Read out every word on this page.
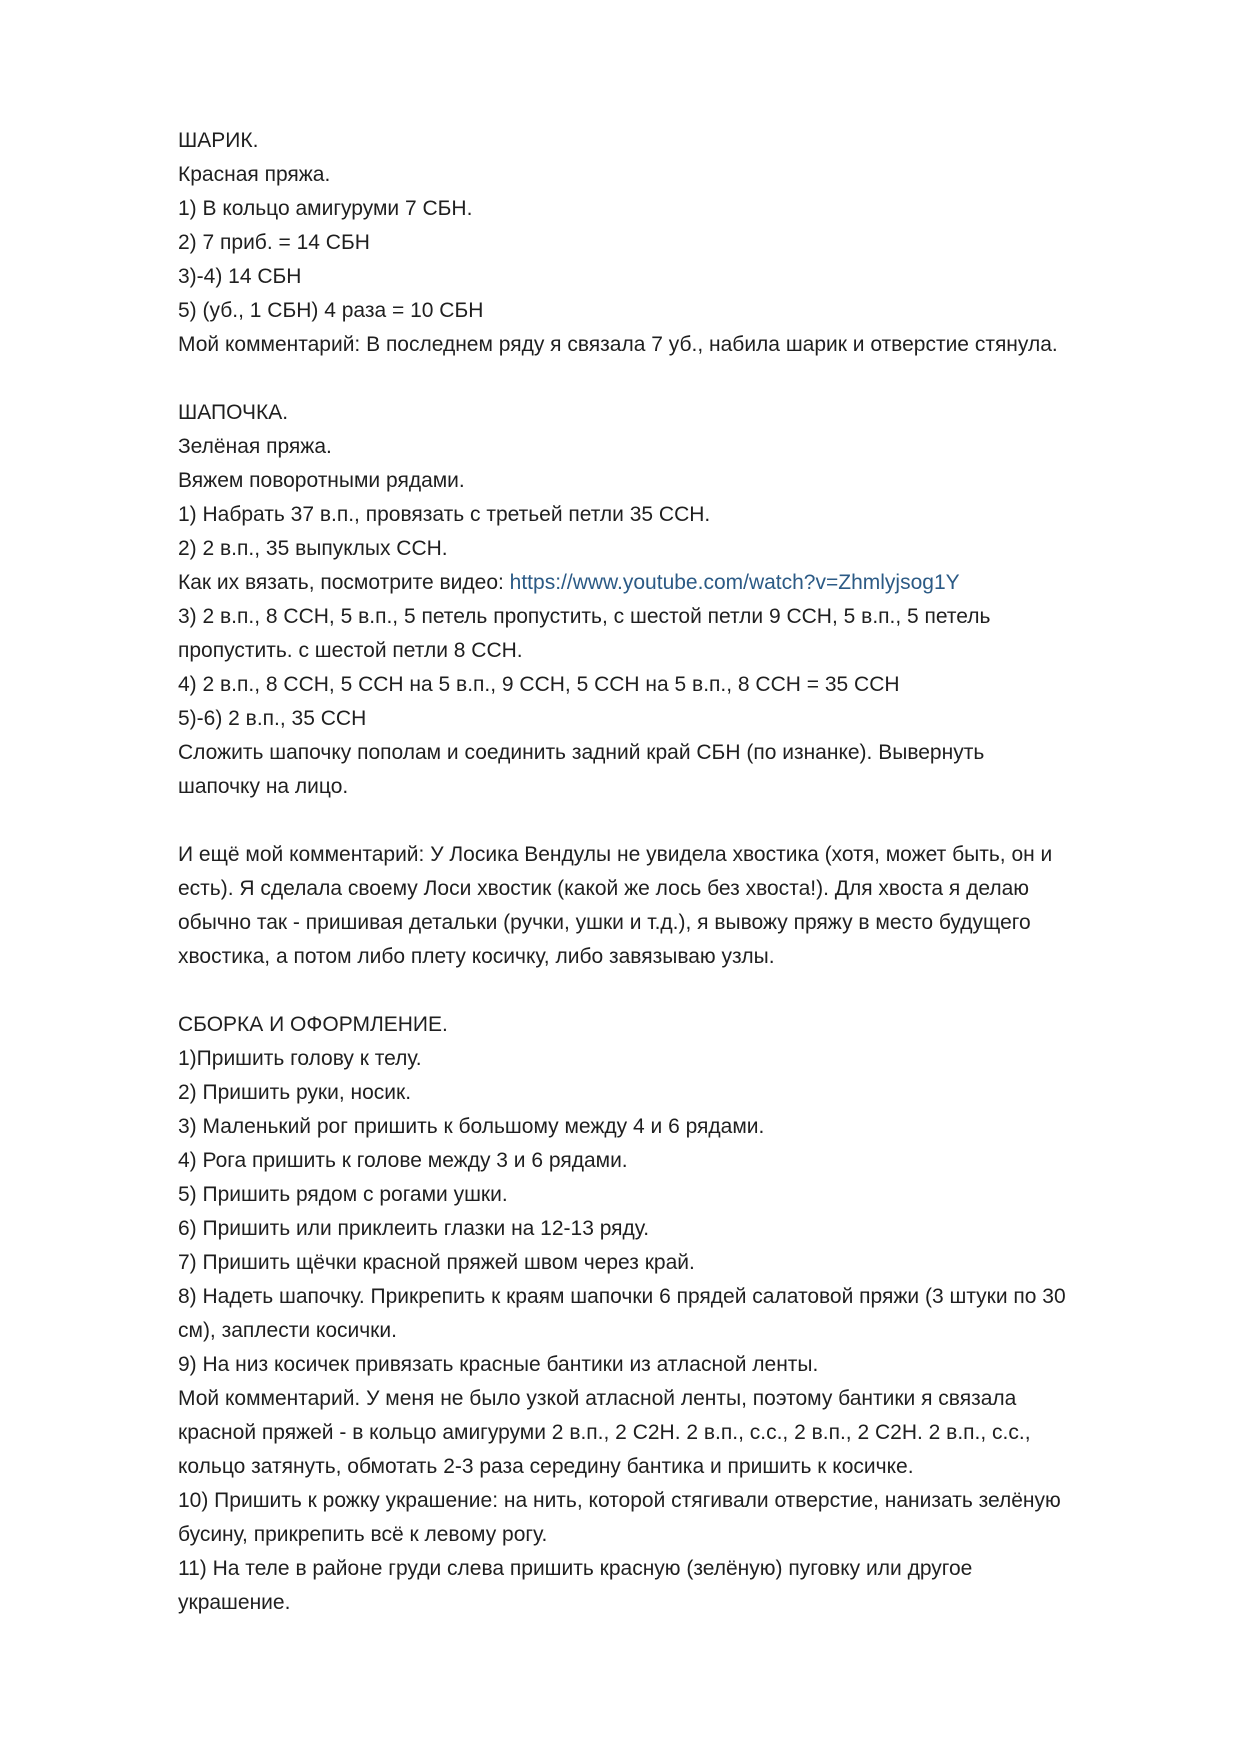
ШАРИК.
Красная пряжа.
1) В кольцо амигуруми 7 СБН.
2) 7 приб. = 14 СБН
3)-4) 14 СБН
5) (уб., 1 СБН) 4 раза = 10 СБН
Мой комментарий: В последнем ряду я связала 7 уб., набила шарик и отверстие стянула.
ШАПОЧКА.
Зелёная пряжа.
Вяжем поворотными рядами.
1) Набрать 37 в.п., провязать с третьей петли 35 ССН.
2) 2 в.п., 35 выпуклых ССН.
Как их вязать, посмотрите видео: https://www.youtube.com/watch?v=Zhmlyjsog1Y
3) 2 в.п., 8 ССН, 5 в.п., 5 петель пропустить, с шестой петли 9 ССН, 5 в.п., 5 петель
пропустить. с шестой петли 8 ССН.
4) 2 в.п., 8 ССН, 5 ССН на 5 в.п., 9 ССН, 5 ССН на 5 в.п., 8 ССН = 35 ССН
5)-6) 2 в.п., 35 ССН
Сложить шапочку пополам и соединить задний край СБН (по изнанке). Вывернуть
шапочку на лицо.
И ещё мой комментарий: У Лосика Вендулы не увидела хвостика (хотя, может быть, он и
есть). Я сделала своему Лоси хвостик (какой же лось без хвоста!). Для хвоста я делаю
обычно так - пришивая детальки (ручки, ушки и т.д.), я вывожу пряжу в место будущего
хвостика, а потом либо плету косичку, либо завязываю узлы.
СБОРКА И ОФОРМЛЕНИЕ.
1)Пришить голову к телу.
2) Пришить руки, носик.
3) Маленький рог пришить к большому между 4 и 6 рядами.
4) Рога пришить к голове между 3 и 6 рядами.
5) Пришить рядом с рогами ушки.
6) Пришить или приклеить глазки на 12-13 ряду.
7) Пришить щёчки красной пряжей швом через край.
8) Надеть шапочку. Прикрепить к краям шапочки 6 прядей салатовой пряжи (3 штуки по 30
см), заплести косички.
9) На низ косичек привязать красные бантики из атласной ленты.
Мой комментарий. У меня не было узкой атласной ленты, поэтому бантики я связала
красной пряжей - в кольцо амигуруми 2 в.п., 2 С2Н. 2 в.п., с.с., 2 в.п., 2 С2Н. 2 в.п., с.с.,
кольцо затянуть, обмотать 2-3 раза середину бантика и пришить к косичке.
10) Пришить к рожку украшение: на нить, которой стягивали отверстие, нанизать зелёную
бусину, прикрепить всё к левому рогу.
11) На теле в районе груди слева пришить красную (зелёную) пуговку или другое
украшение.
